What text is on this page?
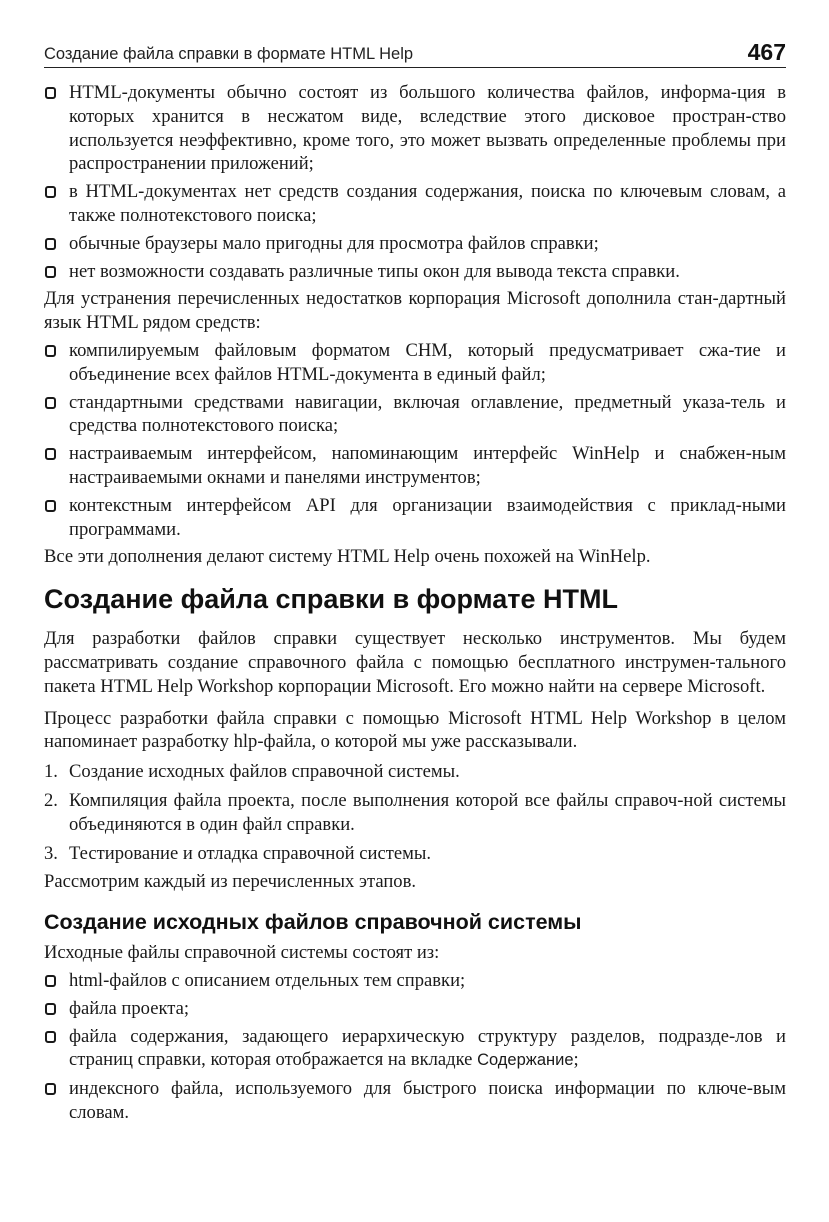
Создание файла справки в формате HTML Help	467
HTML-документы обычно состоят из большого количества файлов, информа-ция в которых хранится в несжатом виде, вследствие этого дисковое простран-ство используется неэффективно, кроме того, это может вызвать определенные проблемы при распространении приложений;
в HTML-документах нет средств создания содержания, поиска по ключевым словам, а также полнотекстового поиска;
обычные браузеры мало пригодны для просмотра файлов справки;
нет возможности создавать различные типы окон для вывода текста справки.

Для устранения перечисленных недостатков корпорация Microsoft дополнила стан-дартный язык HTML рядом средств:

компилируемым файловым форматом CHM, который предусматривает сжа-тие и объединение всех файлов HTML-документа в единый файл;
стандартными средствами навигации, включая оглавление, предметный указа-тель и средства полнотекстового поиска;
настраиваемым интерфейсом, напоминающим интерфейс WinHelp и снабжен-ным настраиваемыми окнами и панелями инструментов;
контекстным интерфейсом API для организации взаимодействия с приклад-ными программами.

Все эти дополнения делают систему HTML Help очень похожей на WinHelp.

Создание файла справки в формате HTML

Для разработки файлов справки существует несколько инструментов. Мы будем рассматривать создание справочного файла с помощью бесплатного инструмен-тального пакета HTML Help Workshop корпорации Microsoft. Его можно найти на сервере Microsoft.

Процесс разработки файла справки с помощью Microsoft HTML Help Workshop в целом напоминает разработку hlp-файла, о которой мы уже рассказывали.

1. Создание исходных файлов справочной системы.
2. Компиляция файла проекта, после выполнения которой все файлы справоч-ной системы объединяются в один файл справки.
3. Тестирование и отладка справочной системы.

Рассмотрим каждый из перечисленных этапов.

Создание исходных файлов справочной системы

Исходные файлы справочной системы состоят из:

html-файлов с описанием отдельных тем справки;
файла проекта;
файла содержания, задающего иерархическую структуру разделов, подразде-лов и страниц справки, которая отображается на вкладке Содержание;
индексного файла, используемого для быстрого поиска информации по ключе-вым словам.
